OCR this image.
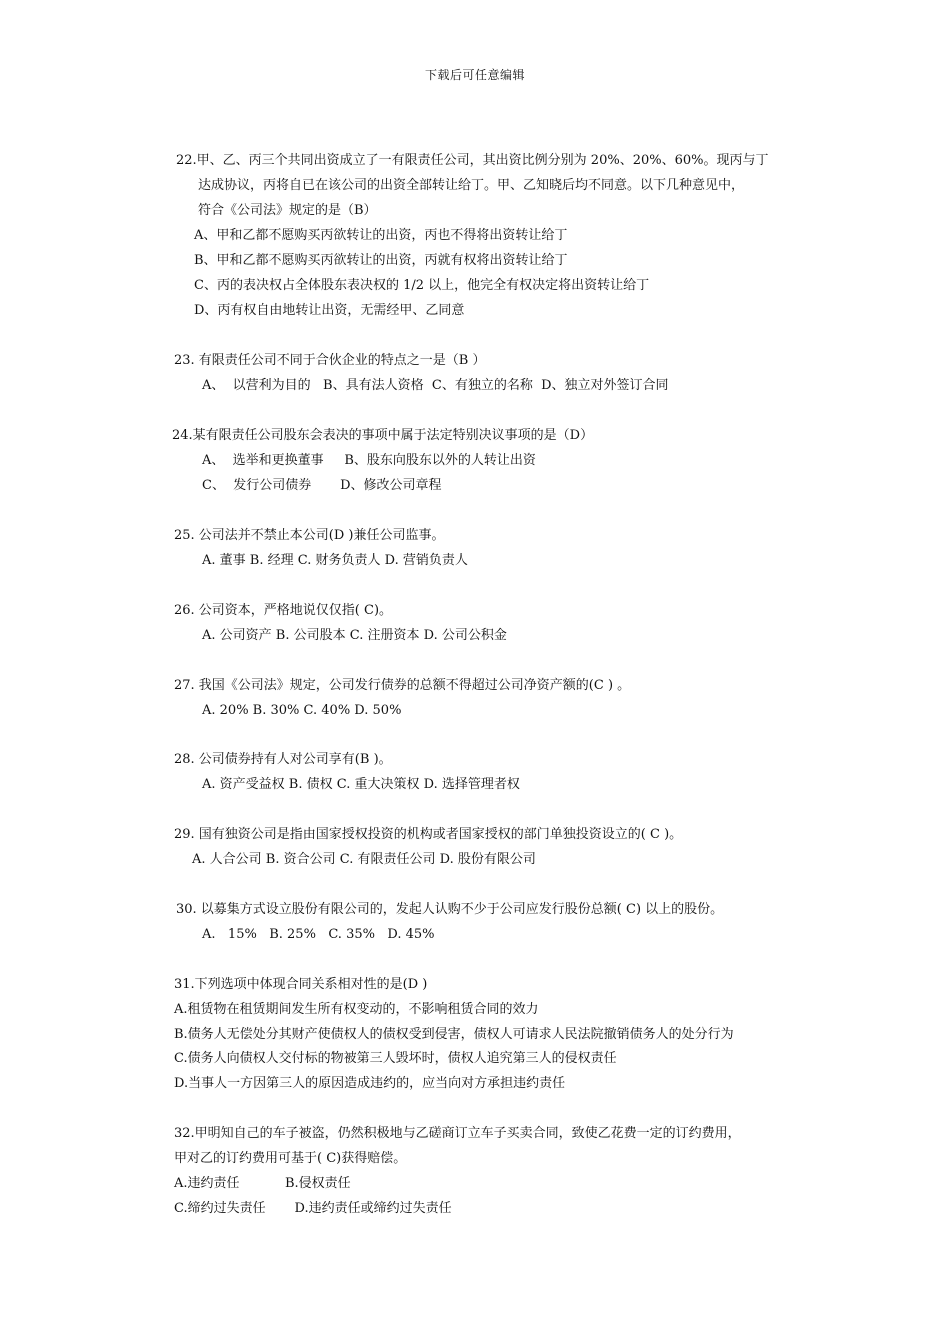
下载后可任意编辑
22.甲、乙、丙三个共同出资成立了一有限责任公司，其出资比例分别为 20%、20%、60%。现丙与丁
达成协议，丙将自已在该公司的出资全部转让给丁。甲、乙知晓后均不同意。以下几种意见中，
符合《公司法》规定的是（B）
A、甲和乙都不愿购买丙欲转让的出资，丙也不得将出资转让给丁
B、甲和乙都不愿购买丙欲转让的出资，丙就有权将出资转让给丁
C、丙的表决权占全体股东表决权的 1/2 以上，他完全有权决定将出资转让给丁
D、丙有权自由地转让出资，无需经甲、乙同意
23. 有限责任公司不同于合伙企业的特点之一是（B ）
A、  以营利为目的   B、具有法人资格  C、有独立的名称  D、独立对外签订合同
24.某有限责任公司股东会表决的事项中属于法定特别决议事项的是（D）
A、  选举和更换董事     B、股东向股东以外的人转让出资
C、  发行公司债券       D、修改公司章程
25. 公司法并不禁止本公司(D )兼任公司监事。
A. 董事 B. 经理 C. 财务负责人 D. 营销负责人
26. 公司资本，严格地说仅仅指( C)。
A. 公司资产 B. 公司股本 C. 注册资本 D. 公司公积金
27. 我国《公司法》规定，公司发行债券的总额不得超过公司净资产额的(C ) 。
A. 20% B. 30% C. 40% D. 50%
28. 公司债券持有人对公司享有(B )。
A. 资产受益权 B. 债权 C. 重大决策权 D. 选择管理者权
29. 国有独资公司是指由国家授权投资的机构或者国家授权的部门单独投资设立的( C )。
A. 人合公司 B. 资合公司 C. 有限责任公司 D. 股份有限公司
30. 以募集方式设立股份有限公司的，发起人认购不少于公司应发行股份总额( C) 以上的股份。
A.   15%   B. 25%   C. 35%   D. 45%
31.下列选项中体现合同关系相对性的是(D )
A.租赁物在租赁期间发生所有权变动的，不影响租赁合同的效力
B.债务人无偿处分其财产使债权人的债权受到侵害，债权人可请求人民法院撤销债务人的处分行为
C.债务人向债权人交付标的物被第三人毁坏时，债权人追究第三人的侵权责任
D.当事人一方因第三人的原因造成违约的，应当向对方承担违约责任
32.甲明知自己的车子被盗，仍然积极地与乙磋商订立车子买卖合同，致使乙花费一定的订约费用，
甲对乙的订约费用可基于( C)获得赔偿。
A.违约责任           B.侵权责任
C.缔约过失责任       D.违约责任或缔约过失责任
